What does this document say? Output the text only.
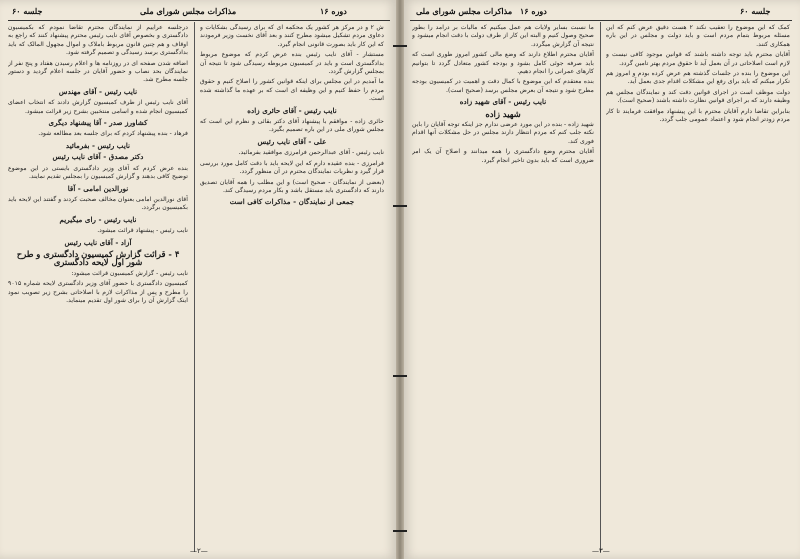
جلسه ۶۰	مذاکرات مجلس شورای ملی	دوره ۱۶

درجلسه عراییم از نمایندگان محترم تقاضا نمودم که بکمیسیون دادگستری و بخصوص آقای نایب رئیس محترم پیشنهاد کنند که راجع به اوقاف و هم چنین قانون مربوط باملاک و اموال مجهول المالک که باید بدادگستری برسد رسیدگی و تصمیم گرفته شود.

اضافه شدن صفحه ای در روزنامه ها و اعلام رسیدن هفتاد و پنج نفر از نمایندگان بحد نصاب و حضور آقایان در جلسه اعلام گردید و دستور جلسه مطرح شد.

نایب رئیس - آقای مهندس

آقای نایب رئیس از طرف کمیسیون گزارش دادند که انتخاب اعضای کمیسیون انجام شده و اسامی منتخبین بشرح زیر قرائت میشود.

کشاورز صدر - آقا پیشنهاد دیگری

فرهاد - بنده پیشنهاد کردم که برای جلسه بعد مطالعه شود.

نایب رئیس - بفرمائید

دکتر مصدق - آقای نایب رئیس

بنده عرض کردم که آقای وزیر دادگستری بایستی در این موضوع توضیح کافی بدهند و گزارش کمیسیون را بمجلس تقدیم نمایند.

نورالدین امامی - آقا

آقای نورالدین امامی بعنوان مخالف صحبت کردند و گفتند این لایحه باید بکمیسیون برگردد.

نایب رئیس - رای میگیریم

نایب رئیس - پیشنهاد قرائت میشود.

آزاد - آقای نایب رئیس

۴ - قرائت گزارش کمیسیون دادگستری و طرح شور اول لایحه دادگستری

نایب رئیس - گزارش کمیسیون قرائت میشود:

کمیسیون دادگستری با حضور آقای وزیر دادگستری لایحه شماره ۹۰۱۵ را مطرح و پس از مذاکرات لازم با اصلاحاتی بشرح زیر تصویب نمود اینک گزارش آن را برای شور اول تقدیم مینماید.

ش ۲ و در مرکز هر کشور یک محکمه ای که برای رسیدگی بشکایات و دعاوی مردم تشکیل میشود مطرح کنند و بعد آقای نخست وزیر فرمودند که این کار باید بصورت قانونی انجام گیرد.

مستشار - آقای نایب رئیس بنده عرض کردم که موضوع مربوط بدادگستری است و باید در کمیسیون مربوطه رسیدگی شود تا نتیجه آن بمجلس گزارش گردد.

ما آمدیم در این مجلس برای اینکه قوانین کشور را اصلاح کنیم و حقوق مردم را حفظ کنیم و این وظیفه ای است که بر عهده ما گذاشته شده است.

نایب رئیس - آقای حائری زاده

حائری زاده - موافقم با پیشنهاد آقای دکتر بقائی و نظرم این است که مجلس شورای ملی در این باره تصمیم بگیرد.

علی - آقای نایب رئیس

نایب رئیس - آقای عبدالرحمن فرامرزی موافقید بفرمائید.

فرامرزی - بنده عقیده دارم که این لایحه باید با دقت کامل مورد بررسی قرار گیرد و نظریات نمایندگان محترم در آن منظور گردد.

(بعضی از نمایندگان - صحیح است) و این مطلب را همه آقایان تصدیق دارند که دادگستری باید مستقل باشد و بکار مردم رسیدگی کند.

جمعی از نمایندگان - مذاکرات کافی است

—۲—
مذاکرات مجلس شورای ملی دوره ۱۶	جلسه ۶۰

ما نسبت بسایر ولایات هم عمل میکنیم که مالیات بر درآمد را بطور صحیح وصول کنیم و البته این کار از طرف دولت با دقت انجام میشود و نتیجه آن گزارش میگردد.

آقایان محترم اطلاع دارند که وضع مالی کشور امروز طوری است که باید صرفه جوئی کامل بشود و بودجه کشور متعادل گردد تا بتوانیم کارهای عمرانی را انجام دهیم.

بنده معتقدم که این موضوع با کمال دقت و اهمیت در کمیسیون بودجه مطرح شود و نتیجه آن بعرض مجلس برسد (صحیح است).

نایب رئیس - آقای شهید زاده

شهید زاده

شهید زاده - بنده در این مورد عرضی ندارم جز اینکه توجه آقایان را باین نکته جلب کنم که مردم انتظار دارند مجلس در حل مشکلات آنها اقدام فوری کند.

آقایان محترم وضع دادگستری را همه میدانند و اصلاح آن یک امر ضروری است که باید بدون تاخیر انجام گیرد.

کمک که این موضوع را تعقیب نکند ۲ هست دقیق عرض کنم که این مسئله مربوط بتمام مردم است و باید دولت و مجلس در این باره همکاری کنند.

آقایان محترم باید توجه داشته باشند که قوانین موجود کافی نیست و لازم است اصلاحاتی در آن بعمل آید تا حقوق مردم بهتر تامین گردد.

این موضوع را بنده در جلسات گذشته هم عرض کرده بودم و امروز هم تکرار میکنم که باید برای رفع این مشکلات اقدام جدی بعمل آید.

دولت موظف است در اجرای قوانین دقت کند و نمایندگان مجلس هم وظیفه دارند که بر اجرای قوانین نظارت داشته باشند (صحیح است).

بنابراین تقاضا دارم آقایان محترم با این پیشنهاد موافقت فرمایند تا کار مردم زودتر انجام شود و اعتماد عمومی جلب گردد.

—۳—
